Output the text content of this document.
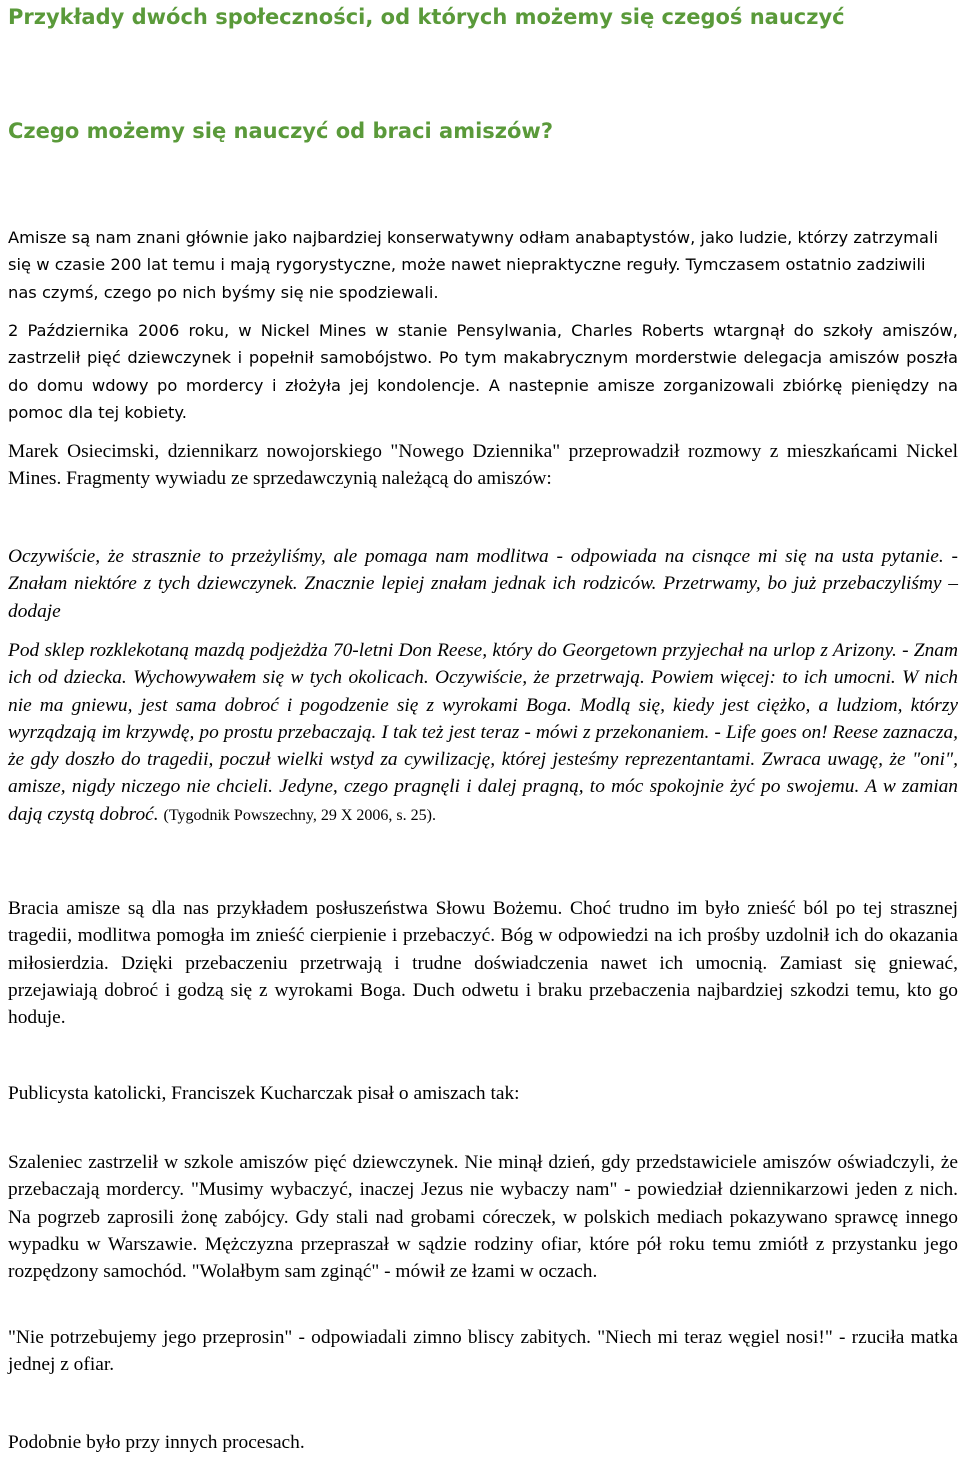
Przykłady dwóch społeczności, od których możemy się czegoś nauczyć
Czego możemy się nauczyć od braci amiszów?

Amisze są nam znani głównie jako najbardziej konserwatywny odłam anabaptystów, jako ludzie, którzy zatrzymali się w czasie 200 lat temu i mają rygorystyczne, może nawet niepraktyczne reguły. Tymczasem ostatnio zadziwili nas czymś, czego po nich byśmy się nie spodziewali.

2 Października 2006 roku, w Nickel Mines w stanie Pensylwania, Charles Roberts wtargnął do szkoły amiszów, zastrzelił pięć dziewczynek i popełnił samobójstwo. Po tym makabrycznym morderstwie delegacja amiszów poszła do domu wdowy po mordercy i złożyła jej kondolencje. A nastepnie amisze zorganizowali zbiórkę pieniędzy na pomoc dla tej kobiety.

Marek Osiecimski, dziennikarz nowojorskiego "Nowego Dziennika" przeprowadził rozmowy z mieszkańcami Nickel Mines. Fragmenty wywiadu ze sprzedawczynią należącą do amiszów:

Oczywiście, że strasznie to przeżyliśmy, ale pomaga nam modlitwa - odpowiada na cisnące mi się na usta pytanie. - Znałam niektóre z tych dziewczynek. Znacznie lepiej znałam jednak ich rodziców. Przetrwamy, bo już przebaczyliśmy – dodaje

Pod sklep rozklekotaną mazdą podjeżdża 70-letni Don Reese, który do Georgetown przyjechał na urlop z Arizony. - Znam ich od dziecka. Wychowywałem się w tych okolicach. Oczywiście, że przetrwają. Powiem więcej: to ich umocni. W nich nie ma gniewu, jest sama dobroć i pogodzenie się z wyrokami Boga. Modlą się, kiedy jest ciężko, a ludziom, którzy wyrządzają im krzywdę, po prostu przebaczają. I tak też jest teraz - mówi z przekonaniem. - Life goes on! Reese zaznacza, że gdy doszło do tragedii, poczuł wielki wstyd za cywilizację, której jesteśmy reprezentantami. Zwraca uwagę, że "oni", amisze, nigdy niczego nie chcieli. Jedyne, czego pragnęli i dalej pragną, to móc spokojnie żyć po swojemu. A w zamian dają czystą dobroć. (Tygodnik Powszechny, 29 X 2006, s. 25).

Bracia amisze są dla nas przykładem posłuszeństwa Słowu Bożemu. Choć trudno im było znieść ból po tej strasznej tragedii, modlitwa pomogła im znieść cierpienie i przebaczyć. Bóg w odpowiedzi na ich prośby uzdolnił ich do okazania miłosierdzia. Dzięki przebaczeniu przetrwają i trudne doświadczenia nawet ich umocnią. Zamiast się gniewać, przejawiają dobroć i godzą się z wyrokami Boga. Duch odwetu i braku przebaczenia najbardziej szkodzi temu, kto go hoduje.

Publicysta katolicki, Franciszek Kucharczak pisał o amiszach tak:

Szaleniec zastrzelił w szkole amiszów pięć dziewczynek. Nie minął dzień, gdy przedstawiciele amiszów oświadczyli, że przebaczają mordercy. "Musimy wybaczyć, inaczej Jezus nie wybaczy nam" - powiedział dziennikarzowi jeden z nich. Na pogrzeb zaprosili żonę zabójcy. Gdy stali nad grobami córeczek, w polskich mediach pokazywano sprawcę innego wypadku w Warszawie. Mężczyzna przepraszał w sądzie rodziny ofiar, które pół roku temu zmiótł z przystanku jego rozpędzony samochód. "Wolałbym sam zginąć" - mówił ze łzami w oczach.

"Nie potrzebujemy jego przeprosin" - odpowiadali zimno bliscy zabitych. "Niech mi teraz węgiel nosi!" - rzuciła matka jednej z ofiar.

Podobnie było przy innych procesach.
